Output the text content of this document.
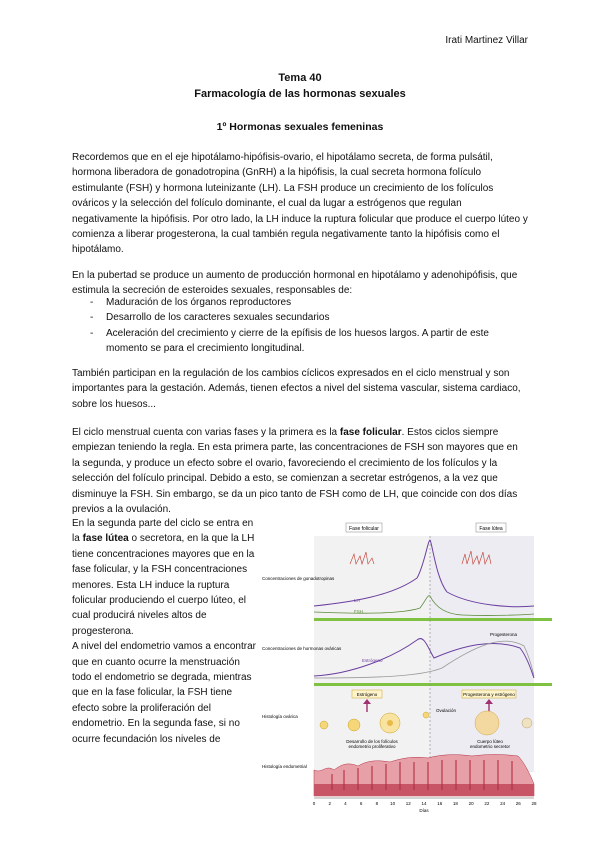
Irati Martinez Villar
Tema 40
Farmacología de las hormonas sexuales
1º Hormonas sexuales femeninas
Recordemos que en el eje hipotálamo-hipófisis-ovario, el hipotálamo secreta, de forma pulsátil, hormona liberadora de gonadotropina (GnRH) a la hipófisis, la cual secreta hormona folículo estimulante (FSH) y hormona luteinizante (LH). La FSH produce un crecimiento de los folículos ováricos y la selección del folículo dominante, el cual da lugar a estrógenos que regulan negativamente la hipófisis. Por otro lado, la LH induce la ruptura folicular que produce el cuerpo lúteo y comienza a liberar progesterona, la cual también regula negativamente tanto la hipófisis como el hipotálamo.
En la pubertad se produce un aumento de producción hormonal en hipotálamo y adenohipófisis, que estimula la secreción de esteroides sexuales, responsables de:
- Maduración de los órganos reproductores
- Desarrollo de los caracteres sexuales secundarios
- Aceleración del crecimiento y cierre de la epífisis de los huesos largos. A partir de este momento se para el crecimiento longitudinal.
También participan en la regulación de los cambios cíclicos expresados en el ciclo menstrual y son importantes para la gestación. Además, tienen efectos a nivel del sistema vascular, sistema cardiaco, sobre los huesos...
El ciclo menstrual cuenta con varias fases y la primera es la fase folicular. Estos ciclos siempre empiezan teniendo la regla. En esta primera parte, las concentraciones de FSH son mayores que en la segunda, y produce un efecto sobre el ovario, favoreciendo el crecimiento de los folículos y la selección del folículo principal. Debido a esto, se comienzan a secretar estrógenos, a la vez que disminuye la FSH. Sin embargo, se da un pico tanto de FSH como de LH, que coincide con dos días previos a la ovulación.
En la segunda parte del ciclo se entra en la fase lútea o secretora, en la que la LH tiene concentraciones mayores que en la fase folicular, y la FSH concentraciones menores. Esta LH induce la ruptura folicular produciendo el cuerpo lúteo, el cual producirá niveles altos de progesterona.
A nivel del endometrio vamos a encontrar que en cuanto ocurre la menstruación todo el endometrio se degrada, mientras que en la fase folicular, la FSH tiene efecto sobre la proliferación del endometrio. En la segunda fase, si no ocurre fecundación los niveles de
Fase folicular	Fase lútea
Concentraciones de gonadotropinas
LH
FSH
Concentraciones de hormonas ováricas
Estrógeno
Progesterona
Histología ovárica
Estrógeno	Progesterona y estrógeno
Ovulación
Desarrollo de los folículos	Cuerpo lúteo
Histología endometrial
endometrio proliferativo	endometrio secretor
0	2	4	6	8	10 12 14 16 18 20 22 24 26 28
Días
